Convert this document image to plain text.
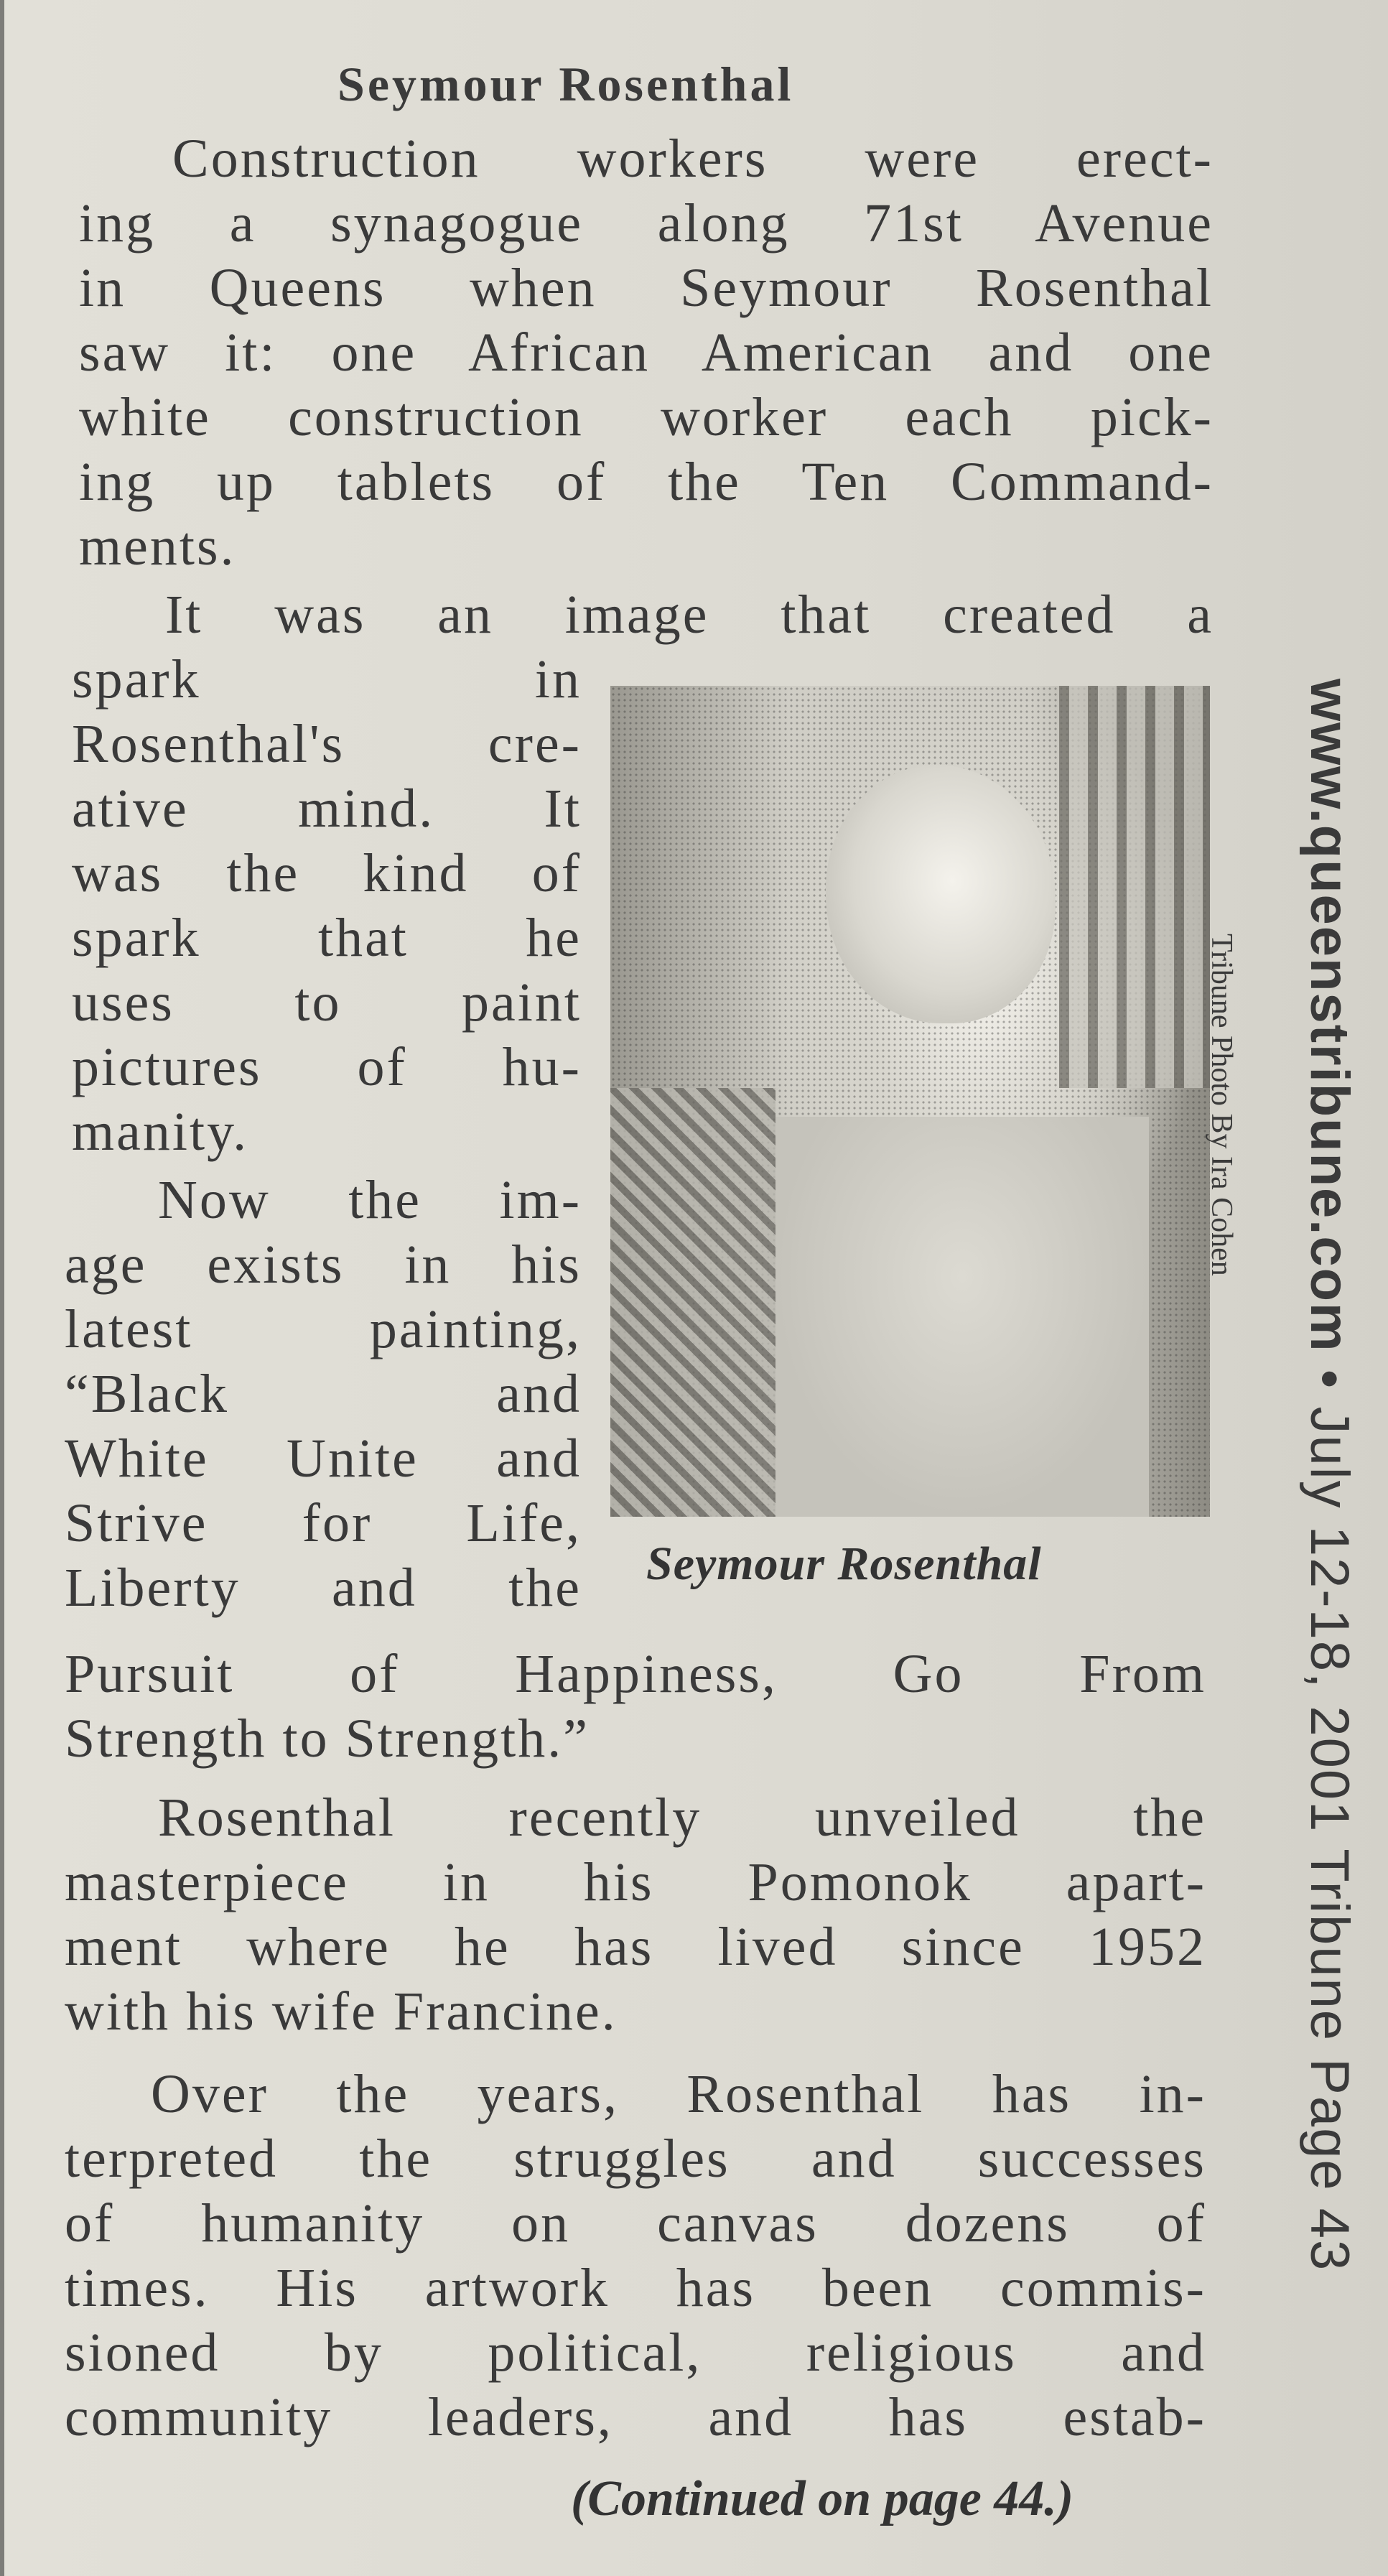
Seymour Rosenthal
Construction workers were erect-
ing a synagogue along 71st Avenue
in Queens when Seymour Rosenthal
saw it: one African American and one
white construction worker each pick-
ing up tablets of the Ten Command-
ments.
It was an image that created a
spark in
Rosenthal's cre-
ative mind. It
was the kind of
spark that he
uses to paint
pictures of hu-
manity.
Now the im-
age exists in his
latest painting,
“Black and
White Unite and
Strive for Life,
Liberty and the
Pursuit of Happiness, Go From
Strength to Strength.”
Rosenthal recently unveiled the
masterpiece in his Pomonok apart-
ment where he has lived since 1952
with his wife Francine.
Over the years, Rosenthal has in-
terpreted the struggles and successes
of humanity on canvas dozens of
times. His artwork has been commis-
sioned by political, religious and
community leaders, and has estab-
Tribune Photo By Ira Cohen
Seymour Rosenthal
www.queenstribune.com • July 12-18, 2001 Tribune Page 43
(Continued on page 44.)
